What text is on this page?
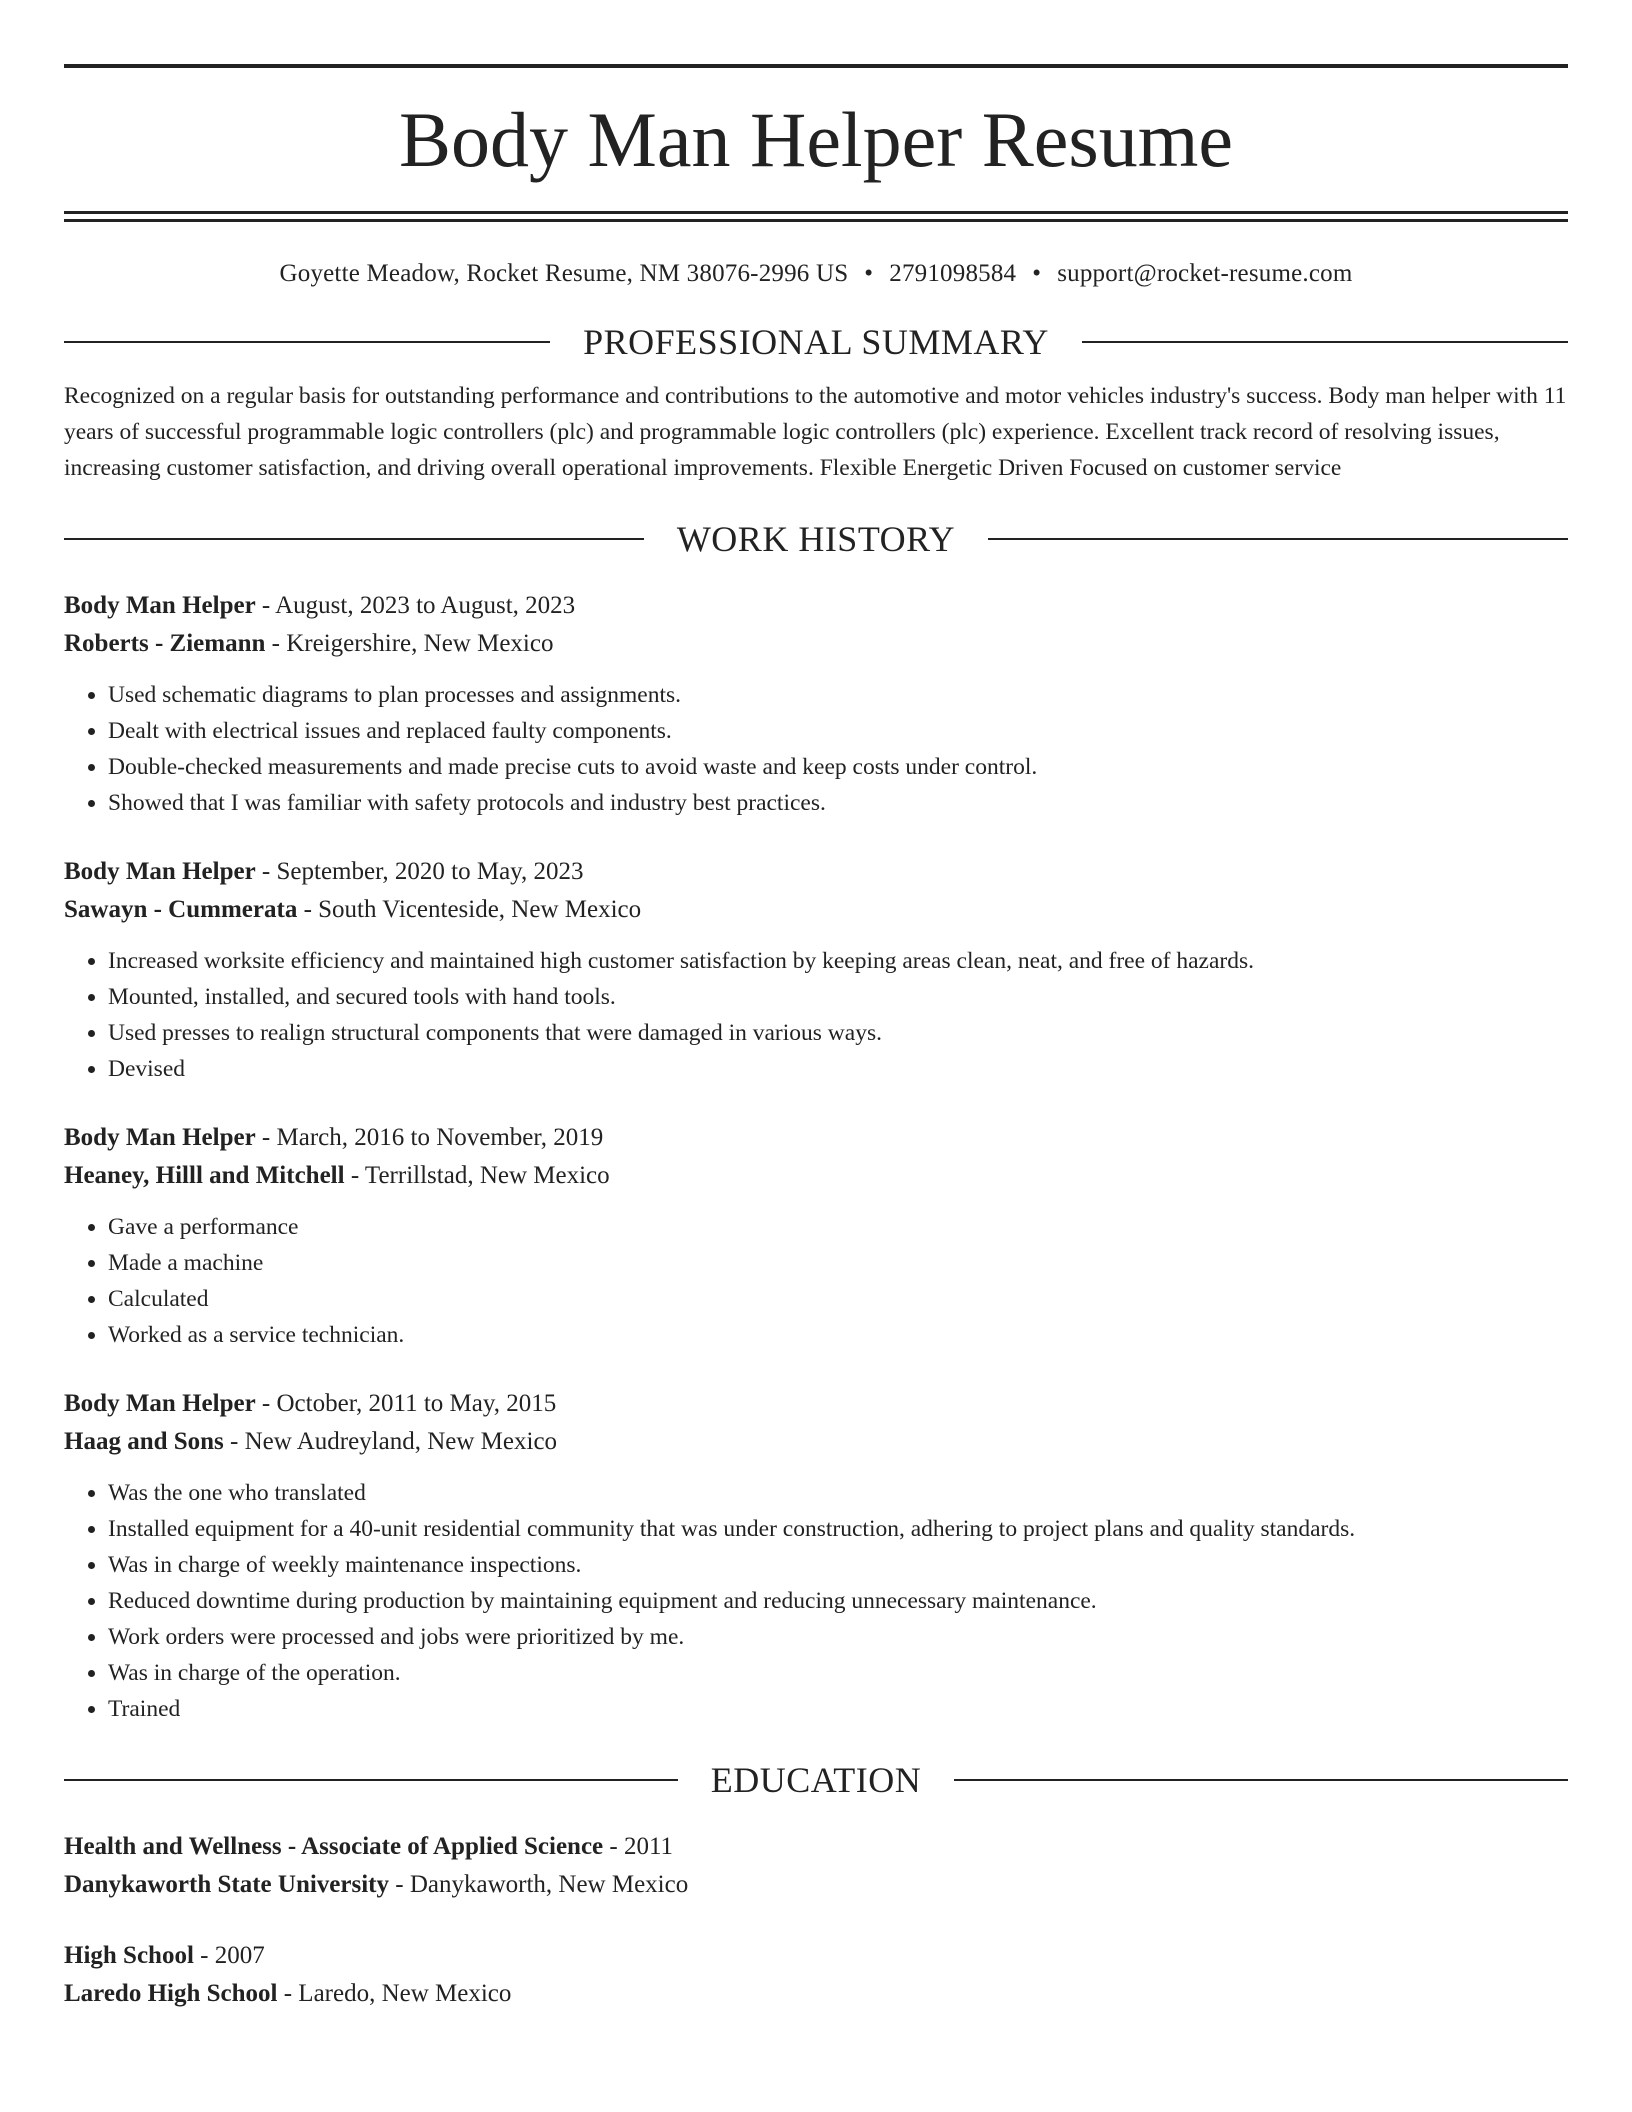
Body Man Helper Resume
Goyette Meadow, Rocket Resume, NM 38076-2996 US • 2791098584 • support@rocket-resume.com
PROFESSIONAL SUMMARY
Recognized on a regular basis for outstanding performance and contributions to the automotive and motor vehicles industry's success. Body man helper with 11 years of successful programmable logic controllers (plc) and programmable logic controllers (plc) experience. Excellent track record of resolving issues, increasing customer satisfaction, and driving overall operational improvements. Flexible Energetic Driven Focused on customer service
WORK HISTORY
Body Man Helper - August, 2023 to August, 2023
Roberts - Ziemann - Kreigershire, New Mexico
• Used schematic diagrams to plan processes and assignments.
• Dealt with electrical issues and replaced faulty components.
• Double-checked measurements and made precise cuts to avoid waste and keep costs under control.
• Showed that I was familiar with safety protocols and industry best practices.
Body Man Helper - September, 2020 to May, 2023
Sawayn - Cummerata - South Vicenteside, New Mexico
• Increased worksite efficiency and maintained high customer satisfaction by keeping areas clean, neat, and free of hazards.
• Mounted, installed, and secured tools with hand tools.
• Used presses to realign structural components that were damaged in various ways.
• Devised
Body Man Helper - March, 2016 to November, 2019
Heaney, Hilll and Mitchell - Terrillstad, New Mexico
• Gave a performance
• Made a machine
• Calculated
• Worked as a service technician.
Body Man Helper - October, 2011 to May, 2015
Haag and Sons - New Audreyland, New Mexico
• Was the one who translated
• Installed equipment for a 40-unit residential community that was under construction, adhering to project plans and quality standards.
• Was in charge of weekly maintenance inspections.
• Reduced downtime during production by maintaining equipment and reducing unnecessary maintenance.
• Work orders were processed and jobs were prioritized by me.
• Was in charge of the operation.
• Trained
EDUCATION
Health and Wellness - Associate of Applied Science - 2011
Danykaworth State University - Danykaworth, New Mexico
High School - 2007
Laredo High School - Laredo, New Mexico
